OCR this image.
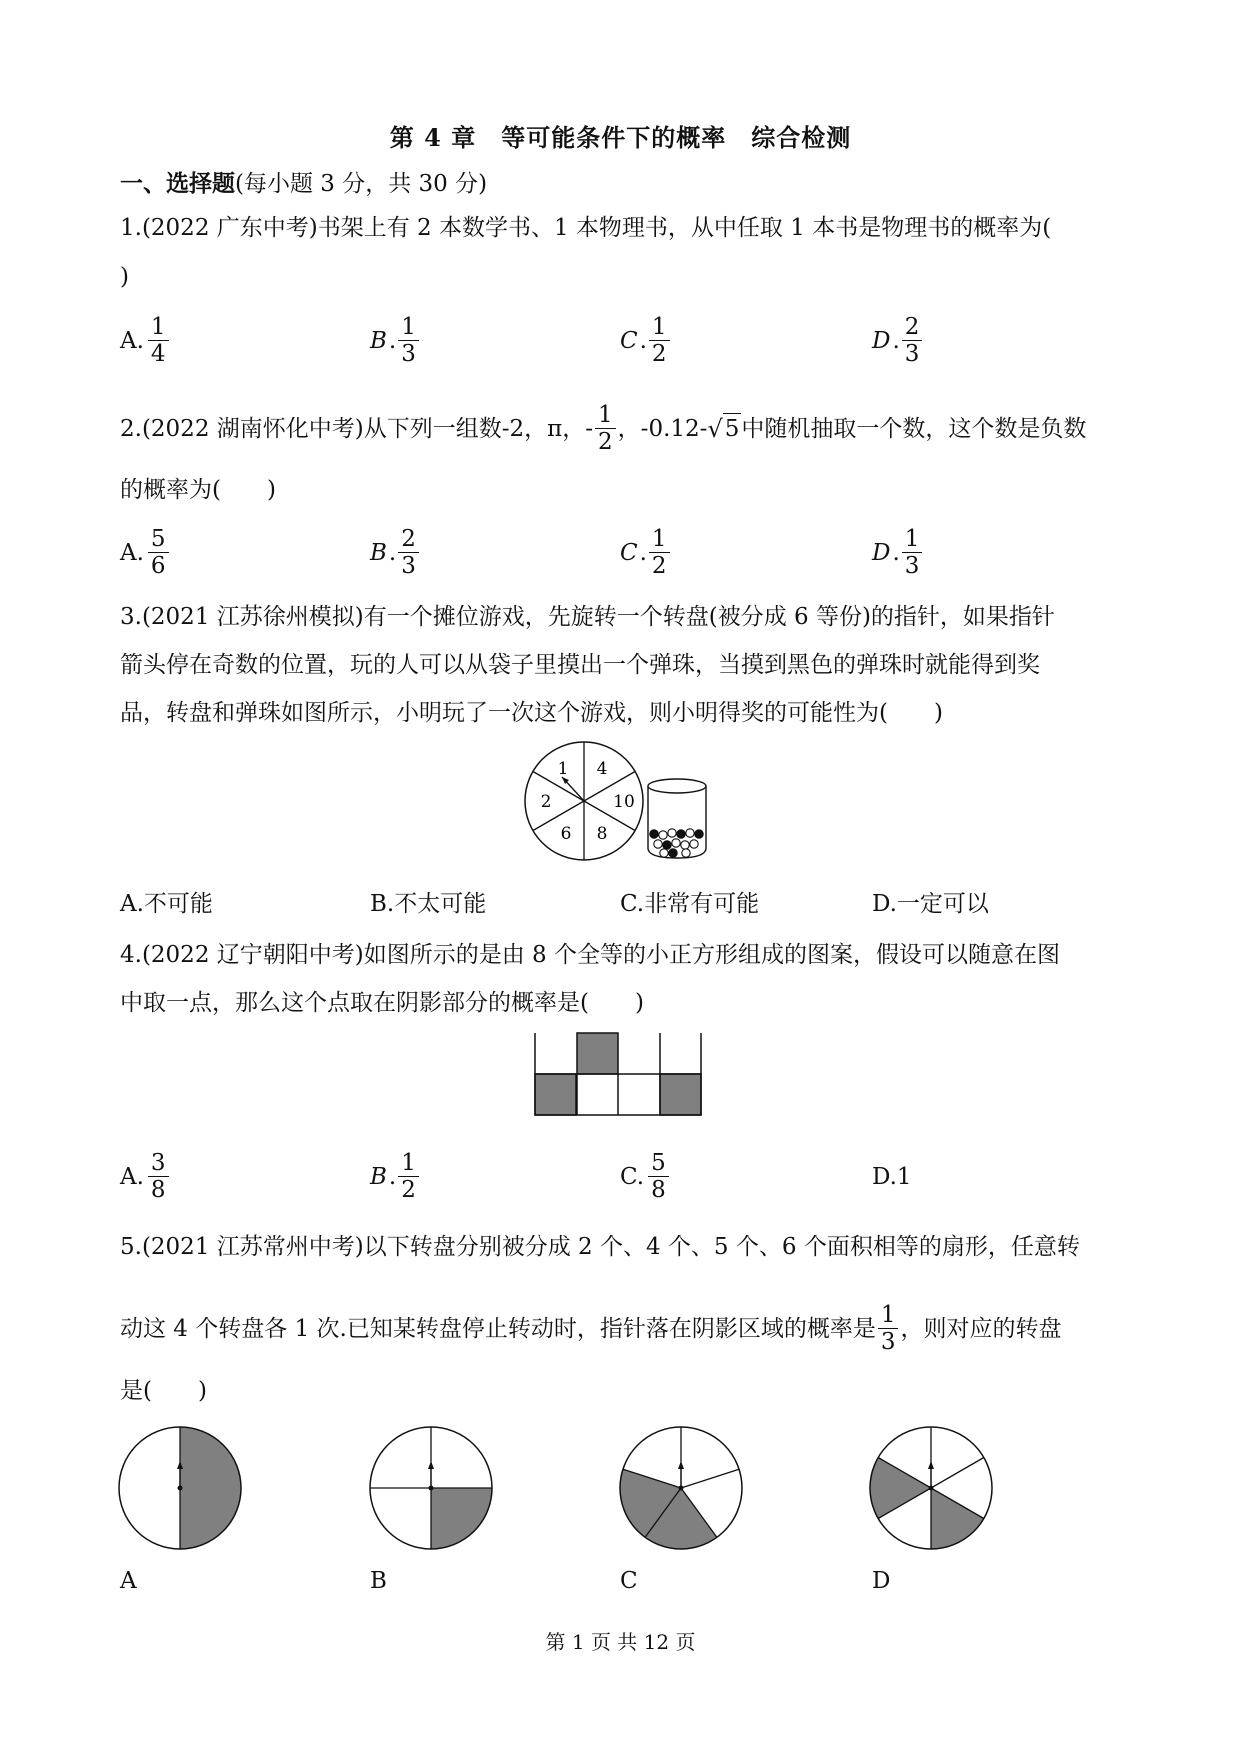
第 4 章　等可能条件下的概率　综合检测
一、选择题(每小题 3 分，共 30 分)
1.(2022 广东中考)书架上有 2 本数学书、1 本物理书，从中任取 1 本书是物理书的概率为(
)
A. $\frac{1}{4}$	B . $\frac{1}{3}$	C . $\frac{1}{2}$	D . $\frac{2}{3}$
2.(2022 湖南怀化中考)从下列一组数-2，π，- $\frac{1}{2}$ ，-0.12- √ 5 中随机抽取一个数，这个数是负数
的概率为(　　)
A. $\frac{5}{6}$	B . $\frac{2}{3}$	C . $\frac{1}{2}$	D . $\frac{1}{3}$
3.(2021 江苏徐州模拟)有一个摊位游戏，先旋转一个转盘(被分成 6 等份)的指针，如果指针
箭头停在奇数的位置，玩的人可以从袋子里摸出一个弹珠，当摸到黑色的弹珠时就能得到奖
品，转盘和弹珠如图所示，小明玩了一次这个游戏，则小明得奖的可能性为(　　)
1 4
10
8
6
2
A.不可能	B.不太可能	C.非常有可能	D.一定可以
4.(2022 辽宁朝阳中考)如图所示的是由 8 个全等的小正方形组成的图案，假设可以随意在图
中取一点，那么这个点取在阴影部分的概率是(　　)
A. $\frac{3}{8}$	B . $\frac{1}{2}$	C. $\frac{5}{8}$	D.1
5.(2021 江苏常州中考)以下转盘分别被分成 2 个、4 个、5 个、6 个面积相等的扇形，任意转
动这 4 个转盘各 1 次.已知某转盘停止转动时，指针落在阴影区域的概率是 $\frac{1}{3}$ ，则对应的转盘
是(　　)
A	B	C	D
第 1 页 共 12 页
